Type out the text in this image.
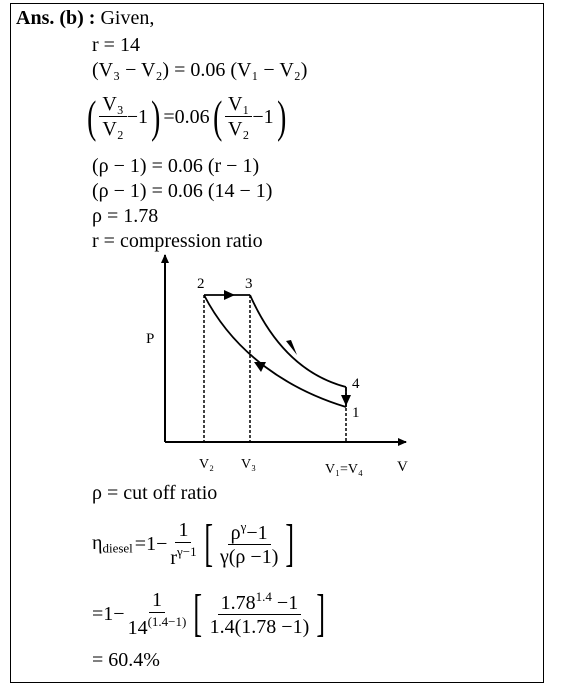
Ans. (b) : Given,
r = 14
(V₃ − V₂) = 0.06 (V₁ − V₂)
( $\frac{\text{V₃}}{\text{V₂}} -1$ ) =0.06 ( $\frac{\text{V₁}}{\text{V₂}} -1$ )
(ρ − 1) = 0.06 (r − 1)
(ρ − 1) = 0.06 (14 − 1)
ρ = 1.78
r = compression ratio
P
V
2	3
4
1
V₂ V₃	V₁=V₄
ρ = cut off ratio
$\eta_{diesel} =1- \frac{1}{r^{\gamma-1}}$ [ $\frac{\rho^\gamma-1}{\gamma(\rho -1)}$ ]
$=1- \frac{1}{14^{(1.4-1)}}$ [ $\frac{1.78^{1.4} -1}{1.4(1.78 -1)}$ ]
= 60.4%
